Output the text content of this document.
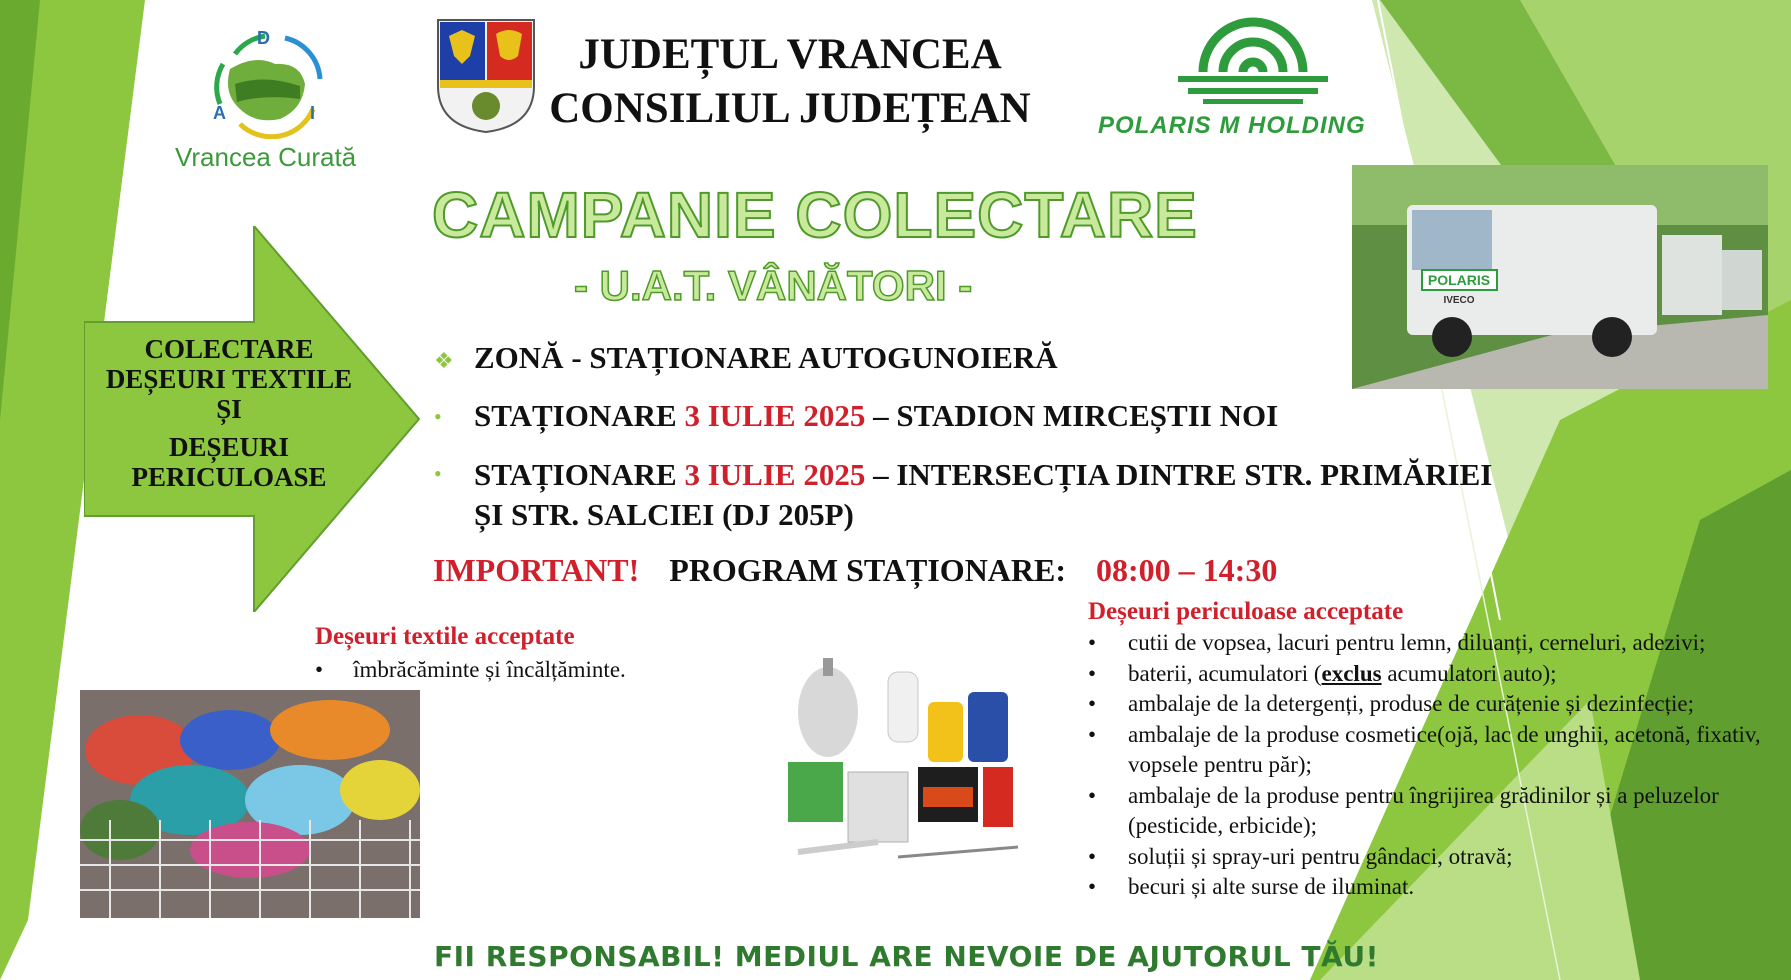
D
A	I
Vrancea Curată
JUDEȚUL VRANCEA
CONSILIUL JUDEȚEAN	POLARIS M HOLDING
POLARIS
IVECO
CAMPANIE COLECTARE
- U.A.T. VÂNĂTORI -
COLECTARE
DEȘEURI TEXTILE
ȘI
DEȘEURI
PERICULOASE
❖ ZONĂ - STAȚIONARE AUTOGUNOIERĂ
• STAȚIONARE 3 IULIE 2025 – STADION MIRCEȘTII NOI
• STAȚIONARE 3 IULIE 2025 – INTERSECȚIA DINTRE STR. PRIMĂRIEI
ȘI STR. SALCIEI (DJ 205P)
IMPORTANT! PROGRAM STAȚIONARE: 08:00 – 14:30
Deșeuri textile acceptate
• îmbrăcăminte și încălțăminte.
Deșeuri periculoase acceptate
• cutii de vopsea, lacuri pentru lemn, diluanți, cerneluri, adezivi;
• baterii, acumulatori (exclus acumulatori auto);
• ambalaje de la detergenți, produse de curățenie și dezinfecție;
• ambalaje de la produse cosmetice(ojă, lac de unghii, acetonă, fixativ, vopsele pentru păr);
• ambalaje de la produse pentru îngrijirea grădinilor și a peluzelor (pesticide, erbicide);
• soluții și spray-uri pentru gândaci, otravă;
• becuri și alte surse de iluminat.
FII RESPONSABIL! MEDIUL ARE NEVOIE DE AJUTORUL TĂU!
